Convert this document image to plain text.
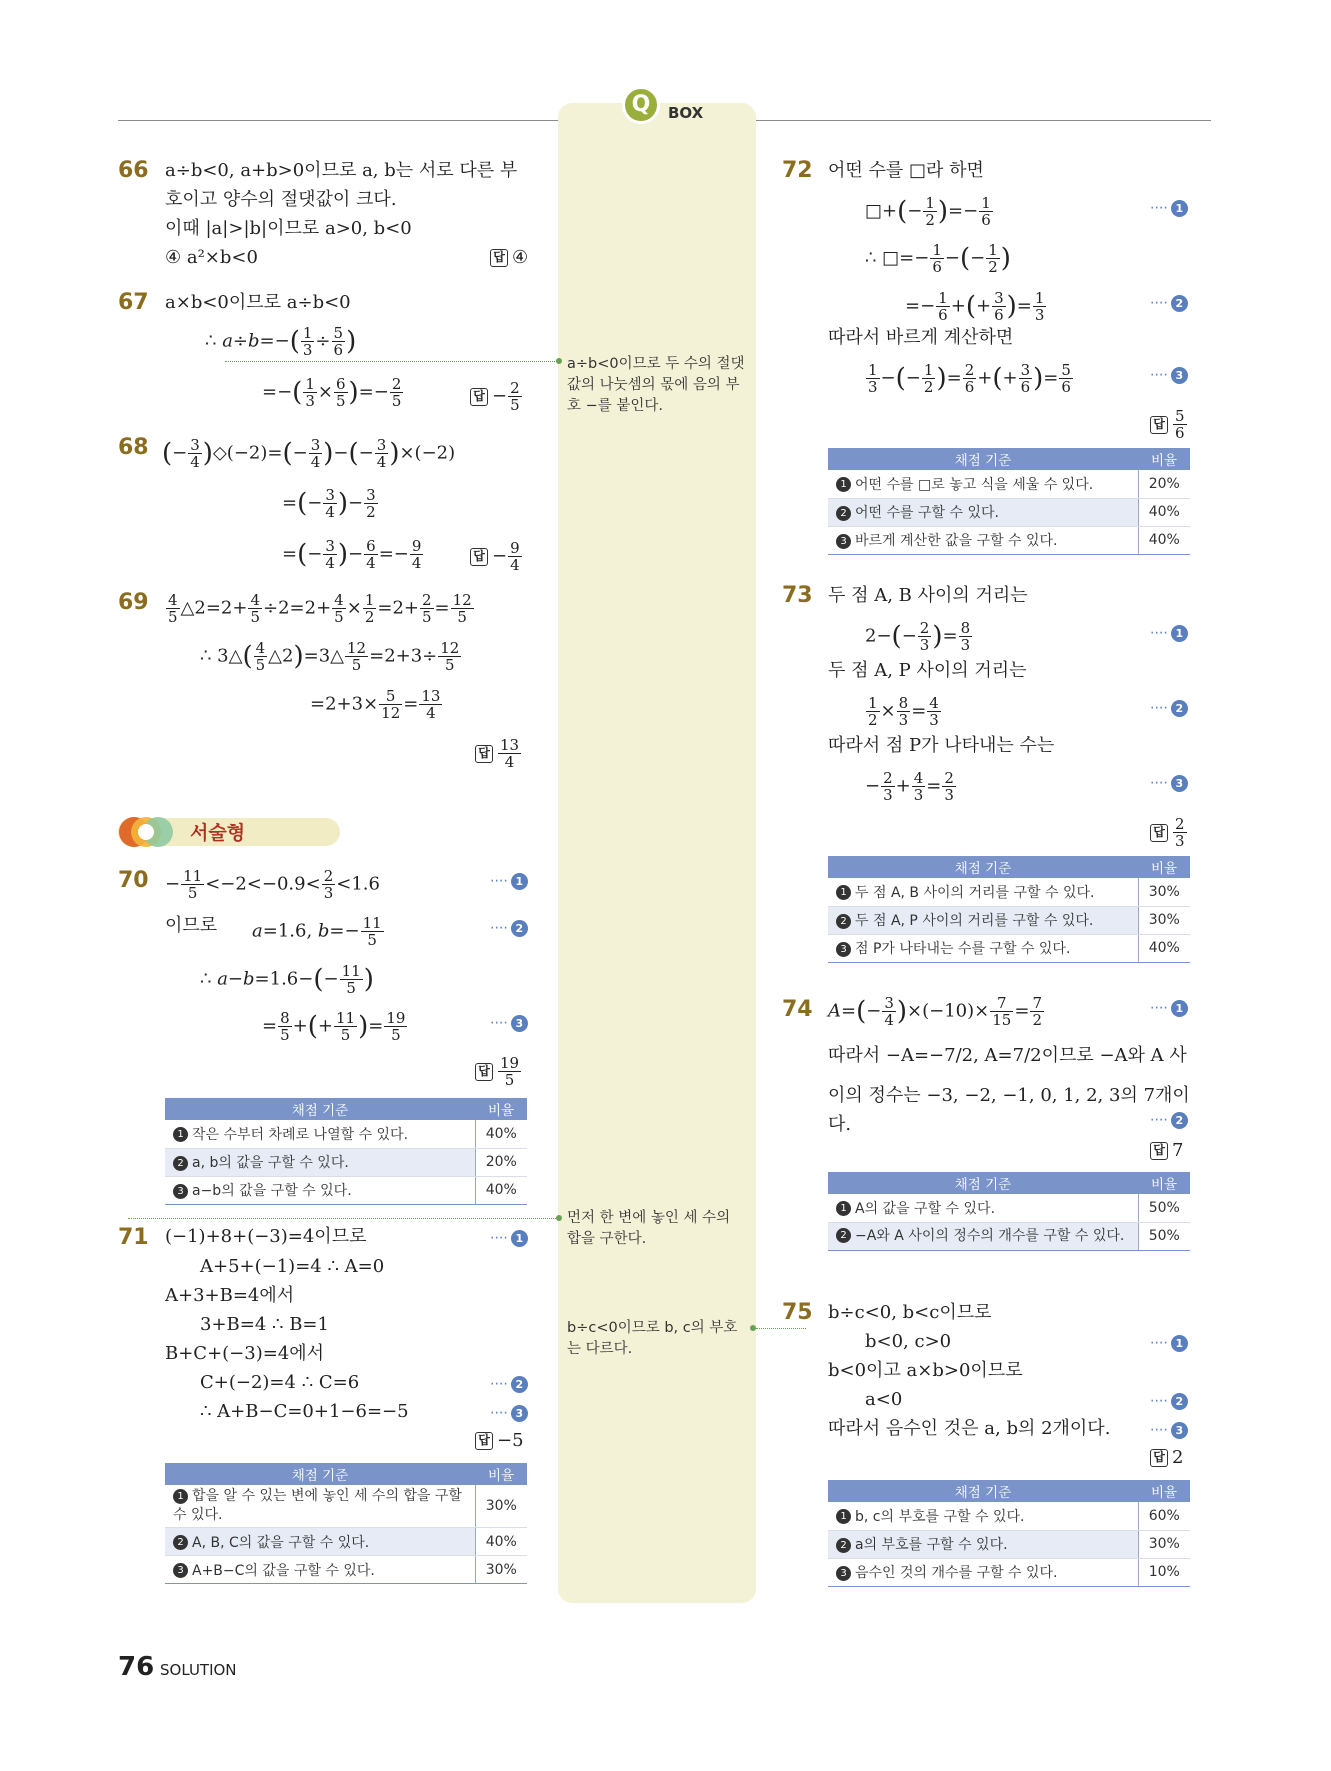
Q	BOX
66 a÷b<0, a+b>0이므로 a, b는 서로 다른 부
호이고 양수의 절댓값이 크다.
이때 |a|>|b|이므로 a>0, b<0
④ a²×b<0	답 ④
67 a×b<0이므로 a÷b<0
∴ $a\div b=-( \frac{1}{3} \div \frac{5}{6}$ )
=−( $\frac{1}{3} \times \frac{6}{5}$ )=− $\frac{2}{5}$	답 − $\frac{2}{5}$
68 (− $\frac{3}{4}$ )◇(−2)=(− $\frac{3}{4}$ )−(− $\frac{3}{4} )\times(-2)$
=(− $\frac{3}{4}$ )− $\frac{3}{2}$
=(− $\frac{3}{4}$ )− $\frac{6}{4} =- \frac{9}{4}$	답 − $\frac{9}{4}$
$69 \frac{4}{5}$ △2=2+ $\frac{4}{5} \div 2=2+ \frac{4}{5} \times \frac{1}{2} =2+ \frac{2}{5} = \frac{12}{5}$
∴ 3△( $\frac{4}{5}$ △2)=3△ $\frac{12}{5} =2+3\div \frac{12}{5}$
$=2+3\times \frac{5}{12} = \frac{13}{4}$
답 $\frac{13}{4}$
서술형
$70 - \frac{11}{5} <-2<-0.9< \frac{2}{3} <1.6$	···· 1
이므로 a=1.6, $b=- \frac{11}{5}$	···· 2
∴ $a-b=1.6-(- \frac{11}{5}$ )
= $\frac{8}{5}$ +(+ $\frac{11}{5}$ )= $\frac{19}{5}$	···· 3
답 $\frac{19}{5}$
채점 기준	비율
1 작은 수부터 차례로 나열할 수 있다.	40%
2 a, b의 값을 구할 수 있다.	20%
3 a−b의 값을 구할 수 있다.	40%
71 (−1)+8+(−3)=4이므로	···· 1
A+5+(−1)=4 ∴ A=0
A+3+B=4에서
3+B=4 ∴ B=1
B+C+(−3)=4에서
C+(−2)=4 ∴ C=6	···· 2
∴ A+B−C=0+1−6=−5	···· 3
답 −5
채점 기준	비율
1 합을 알 수 있는 변에 놓인 세 수의 합을 구할 수 있다.	30%
2 A, B, C의 값을 구할 수 있다.	40%
3 A+B−C의 값을 구할 수 있다.	30%
a÷b<0이므로 두 수의 절댓값의 나눗셈의 몫에 음의 부호 −를 붙인다.
먼저 한 변에 놓인 세 수의 합을 구한다.
b÷c<0이므로 b, c의 부호는 다르다.
72 어떤 수를 □라 하면
□+(− $\frac{1}{2}$ )=− $\frac{1}{6}$	···· 1
∴ □=− $\frac{1}{6}$ −(− $\frac{1}{2}$ )
=− $\frac{1}{6}$ +(+ $\frac{3}{6}$ )= $\frac{1}{3}$	···· 2
따라서 바르게 계산하면
$\frac{1}{3}$ −(− $\frac{1}{2}$ )= $\frac{2}{6}$ +(+ $\frac{3}{6}$ )= $\frac{5}{6}$	···· 3
답 $\frac{5}{6}$
채점 기준	비율
1 어떤 수를 □로 놓고 식을 세울 수 있다.	20%
2 어떤 수를 구할 수 있다.	40%
3 바르게 계산한 값을 구할 수 있다.	40%
73 두 점 A, B 사이의 거리는
$2-(- \frac{2}{3}$ )= $\frac{8}{3}$	···· 1
두 점 A, P 사이의 거리는
$\frac{1}{2} \times \frac{8}{3} = \frac{4}{3}$	···· 2
따라서 점 P가 나타내는 수는
− $\frac{2}{3} + \frac{4}{3} = \frac{2}{3}$	···· 3
답 $\frac{2}{3}$
채점 기준	비율
1 두 점 A, B 사이의 거리를 구할 수 있다.	30%
2 두 점 A, P 사이의 거리를 구할 수 있다.	30%
3 점 P가 나타내는 수를 구할 수 있다.	40%
74 $A=(- \frac{3}{4} )\times(-10)\times \frac{7}{15} = \frac{7}{2}$	···· 1
따라서 −A=−7/2, A=7/2이므로 −A와 A 사
이의 정수는 −3, −2, −1, 0, 1, 2, 3의 7개이
다.	···· 2
답 7
채점 기준	비율
1 A의 값을 구할 수 있다.	50%
2 −A와 A 사이의 정수의 개수를 구할 수 있다.	50%
75 b÷c<0, b<c이므로
b<0, c>0	···· 1
b<0이고 a×b>0이므로
a<0	···· 2
따라서 음수인 것은 a, b의 2개이다.	···· 3
답 2
채점 기준	비율
1 b, c의 부호를 구할 수 있다.	60%
2 a의 부호를 구할 수 있다.	30%
3 음수인 것의 개수를 구할 수 있다.	10%
76 SOLUTION
